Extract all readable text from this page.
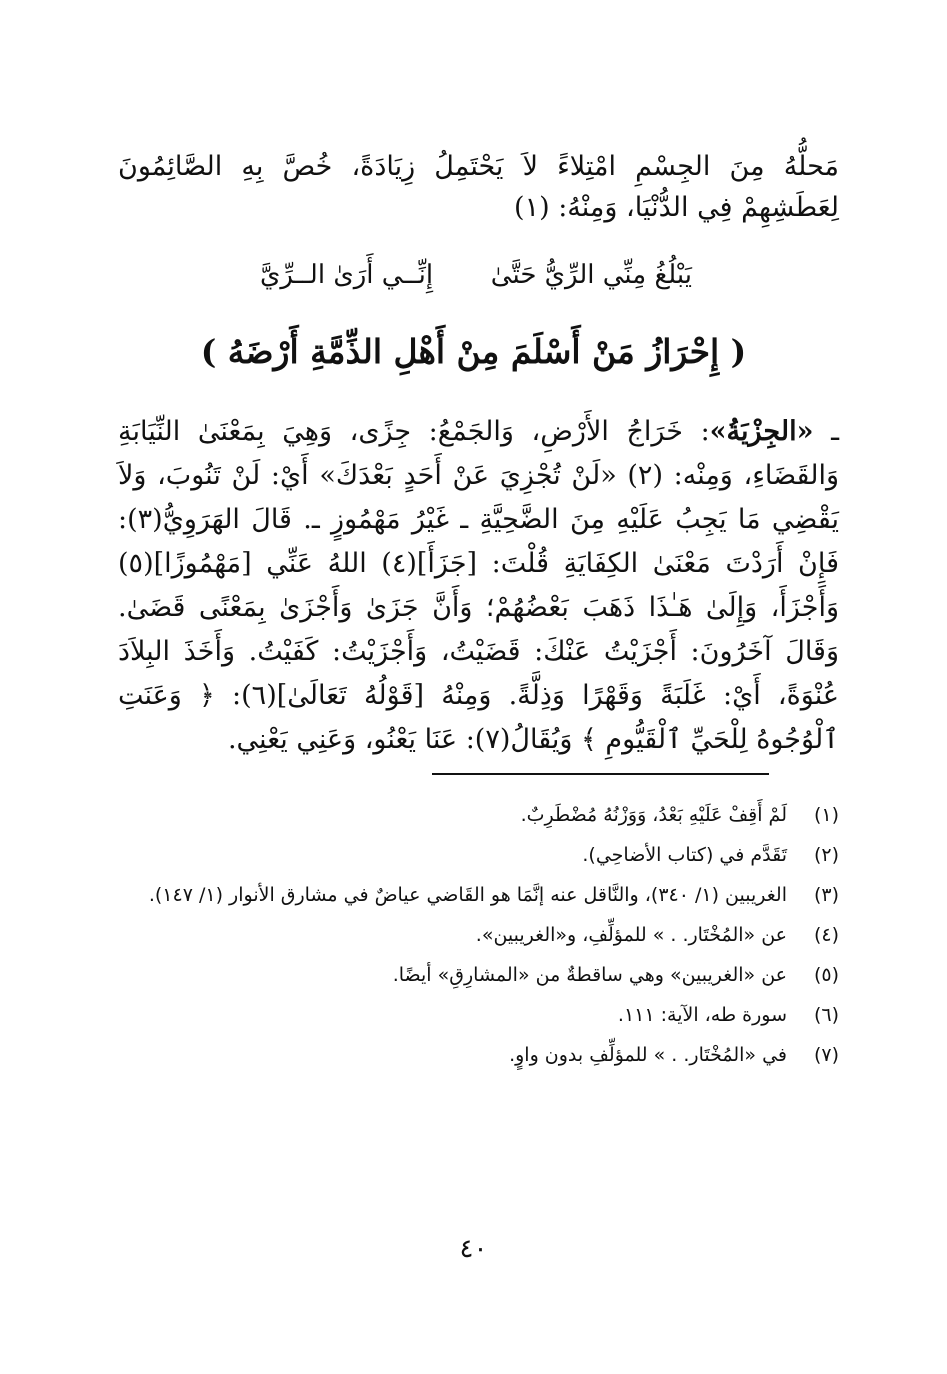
مَحلُّهُ مِنَ الجِسْمِ امْتِلاءً لاَ يَحْتَمِلُ زِيَادَةً، خُصَّ بِهِ الصَّائِمُونَ لِعَطَشِهِمْ فِي الدُّنْيَا، وَمِنْهُ: (١)

يَبْلُغُ مِنِّي الرِّيُّ حَتَّىٰ
إِنِّــي أَرَىٰ الــرِّيَّ
( إِحْرَازُ مَنْ أَسْلَمَ مِنْ أَهْلِ الذِّمَّةِ أَرْضَهُ )

ـ «الجِزْيَةُ»: خَرَاجُ الأَرْضِ، وَالجَمْعُ: جِزًى، وَهِيَ بِمَعْنَىٰ النِّيَابَةِ وَالقَضَاءِ، وَمِنْه: (٢) «لَنْ تُجْزِيَ عَنْ أَحَدٍ بَعْدَكَ» أَيْ: لَنْ تَنُوبَ، وَلاَ يَقْضِي مَا يَجِبُ عَلَيْهِ مِنَ الضَّحِيَّةِ ـ غَيْرُ مَهْمُوزٍ ـ. قَالَ الهَرَوِيُّ(٣): فَإِنْ أَرَدْتَ مَعْنَىٰ الكِفَايَةِ قُلْتَ: [جَزَأَ](٤) اللهُ عَنِّي [مَهْمُوزًا](٥) وَأَجْزَأَ، وَإِلَىٰ هَـٰذَا ذَهَبَ بَعْضُهُمْ؛ وَأَنَّ جَزَىٰ وَأَجْزَىٰ بِمَعْنًى قَضَىٰ. وَقَالَ آخَرُونَ: أَجْزَيْتُ عَنْكَ: قَضَيْتُ، وَأَجْزَيْتُ: كَفَيْتُ. وَأَخَذَ البِلاَدَ عُنْوَةً، أَيْ: غَلَبَةً وَقَهْرًا وَذِلَّةً. وَمِنْهُ [قَوْلُهُ تَعَالَىٰ](٦): ﴿ وَعَنَتِ ٱلْوُجُوهُ لِلْحَيِّ ٱلْقَيُّومِ ﴾ وَيُقَالُ(٧): عَنَا يَعْنُو، وَعَنِي يَعْنِي.

(١)
لَمْ أَقِفْ عَلَيْهِ بَعْدُ، وَوَزْنُهُ مُضْطَرِبٌ.
(٢)
تَقَدَّم في (كتاب الأضاحِي).
(٣)
الغريبين (١/ ٣٤٠)، والنَّاقل عنه إنَّمَا هو القَاضي عياضٌ في مشارق الأنوار (١/ ١٤٧).
(٤)
عن «المُخْتَار. . » للمؤلِّفِ، و«الغريبين».
(٥)
عن «الغريبين» وهي ساقطةٌ من «المشارِقِ» أيضًا.
(٦)
سورة طه، الآية: ١١١.
(٧)
في «المُخْتَار. . » للمؤلِّفِ بدون واوٍ.
٤٠
